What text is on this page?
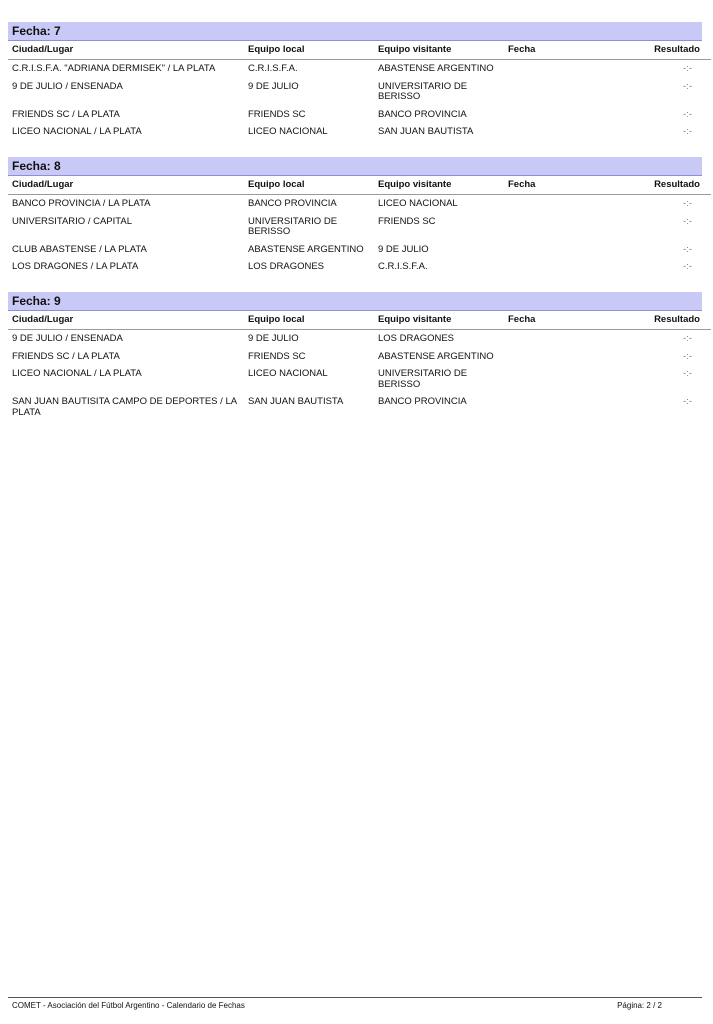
Fecha: 7
Ciudad/Lugar	Equipo local	Equipo visitante	Fecha	Resultado
C.R.I.S.F.A. "ADRIANA DERMISEK" / LA PLATA	C.R.I.S.F.A.	ABASTENSE ARGENTINO		-:-
9 DE JULIO / ENSENADA	9 DE JULIO	UNIVERSITARIO DE BERISSO		-:-
FRIENDS SC / LA PLATA	FRIENDS SC	BANCO PROVINCIA		-:-
LICEO NACIONAL / LA PLATA	LICEO NACIONAL	SAN JUAN BAUTISTA		-:-
Fecha: 8
Ciudad/Lugar	Equipo local	Equipo visitante	Fecha	Resultado
BANCO PROVINCIA / LA PLATA	BANCO PROVINCIA	LICEO NACIONAL		-:-
UNIVERSITARIO / CAPITAL	UNIVERSITARIO DE BERISSO	FRIENDS SC		-:-
CLUB ABASTENSE / LA PLATA	ABASTENSE ARGENTINO	9 DE JULIO		-:-
LOS DRAGONES / LA PLATA	LOS DRAGONES	C.R.I.S.F.A.		-:-
Fecha: 9
Ciudad/Lugar	Equipo local	Equipo visitante	Fecha	Resultado
9 DE JULIO / ENSENADA	9 DE JULIO	LOS DRAGONES		-:-
FRIENDS SC / LA PLATA	FRIENDS SC	ABASTENSE ARGENTINO		-:-
LICEO NACIONAL / LA PLATA	LICEO NACIONAL	UNIVERSITARIO DE BERISSO		-:-
SAN JUAN BAUTISITA CAMPO DE DEPORTES / LA PLATA	SAN JUAN BAUTISTA	BANCO PROVINCIA		-:-
COMET - Asociación del Fútbol Argentino - Calendario de Fechas	Página: 2 / 2
